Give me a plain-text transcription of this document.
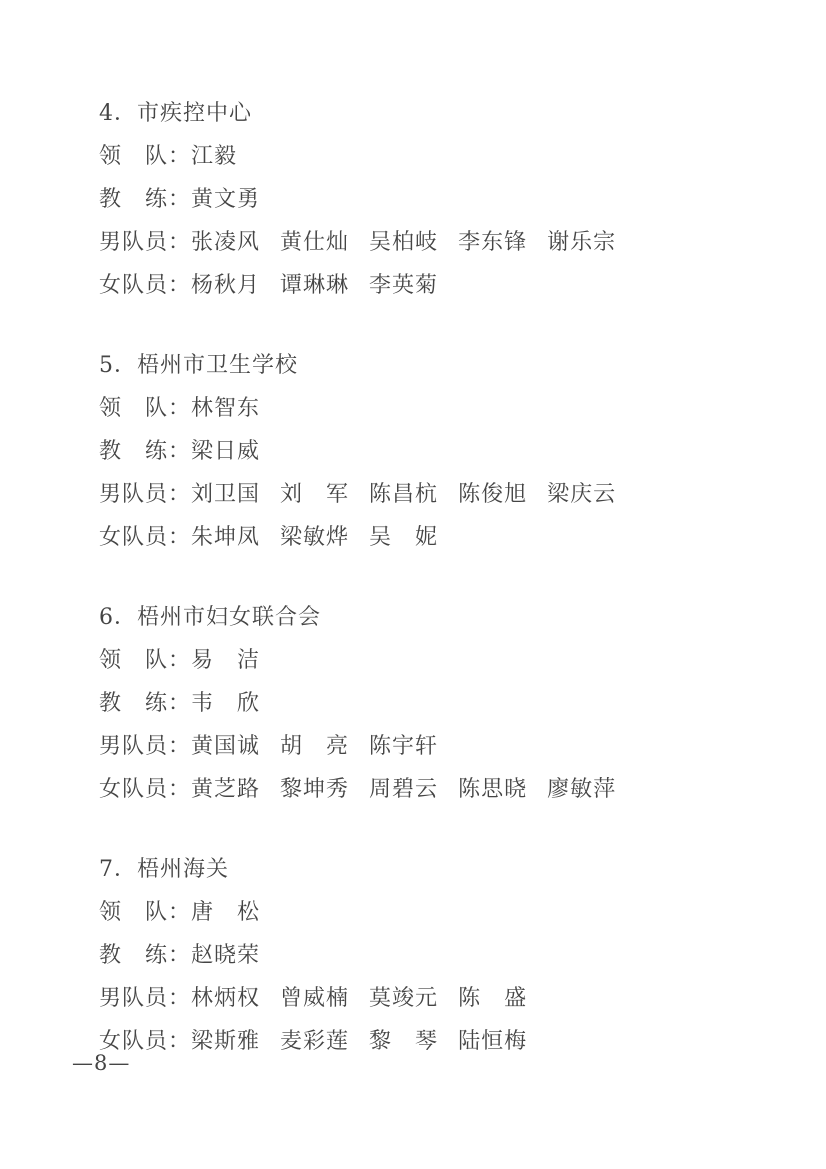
4．市疾控中心
领　队：江毅
教　练：黄文勇
男队员：张凌风 黄仕灿 吴柏岐 李东锋 谢乐宗
女队员：杨秋月 谭琳琳 李英菊
5．梧州市卫生学校
领　队：林智东
教　练：梁日威
男队员：刘卫国 刘　军 陈昌杭 陈俊旭 梁庆云
女队员：朱坤凤 梁敏烨 吴　妮
6．梧州市妇女联合会
领　队：易　洁
教　练：韦　欣
男队员：黄国诚 胡　亮 陈宇轩
女队员：黄芝路 黎坤秀 周碧云 陈思晓 廖敏萍
7．梧州海关
领　队：唐　松
教　练：赵晓荣
男队员：林炳权 曾威楠 莫竣元 陈　盛
女队员：梁斯雅 麦彩莲 黎　琴 陆恒梅
—8—
